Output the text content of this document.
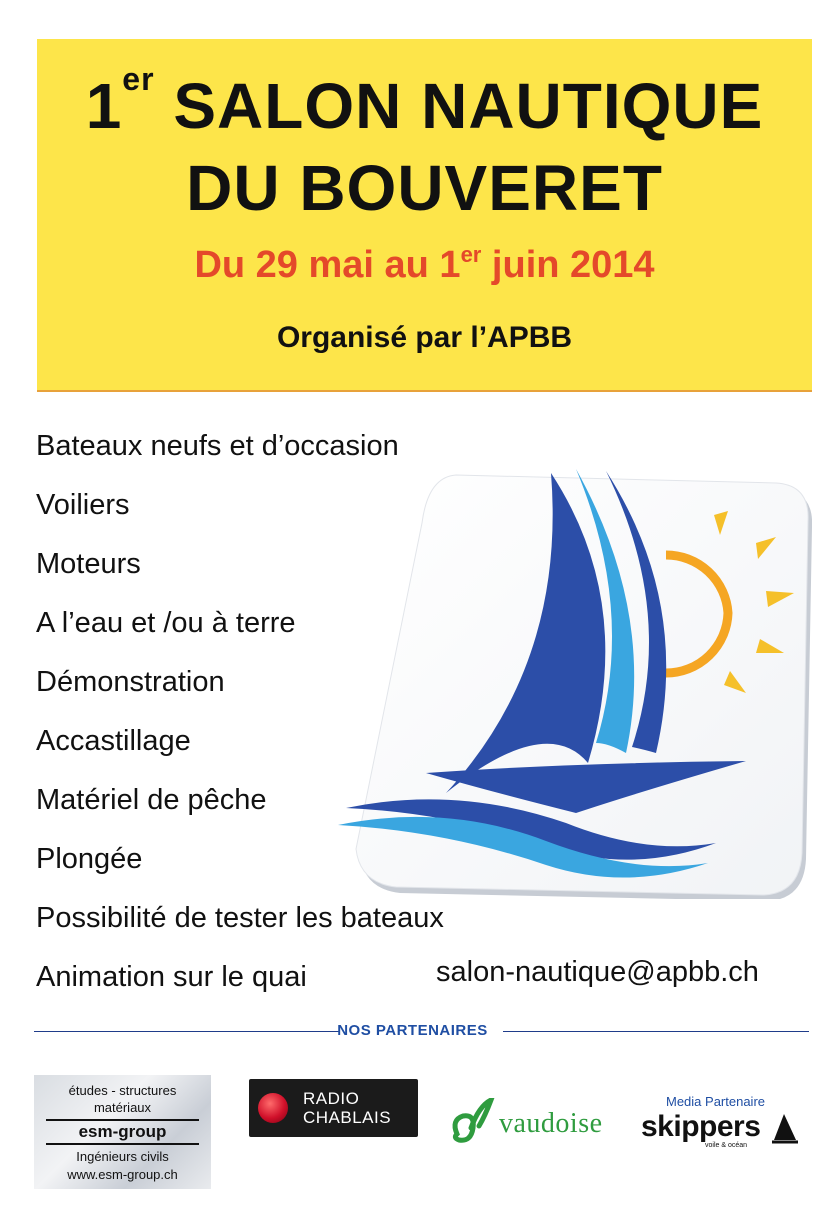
1er SALON NAUTIQUE
DU BOUVERET
Du 29 mai au 1er juin 2014
Organisé par l’APBB
Bateaux neufs et d’occasion
Voiliers
Moteurs
A l’eau et /ou à terre
Démonstration
Accastillage
Matériel de pêche
Plongée
Possibilité de tester les bateaux
Animation sur le quai	salon-nautique@apbb.ch
NOS PARTENAIRES
études - structures
matériaux
esm-group
Ingénieurs civils
www.esm-group.ch
RADIO
CHABLAIS	vaudoise
Media Partenaire
skippers
voile & océan
